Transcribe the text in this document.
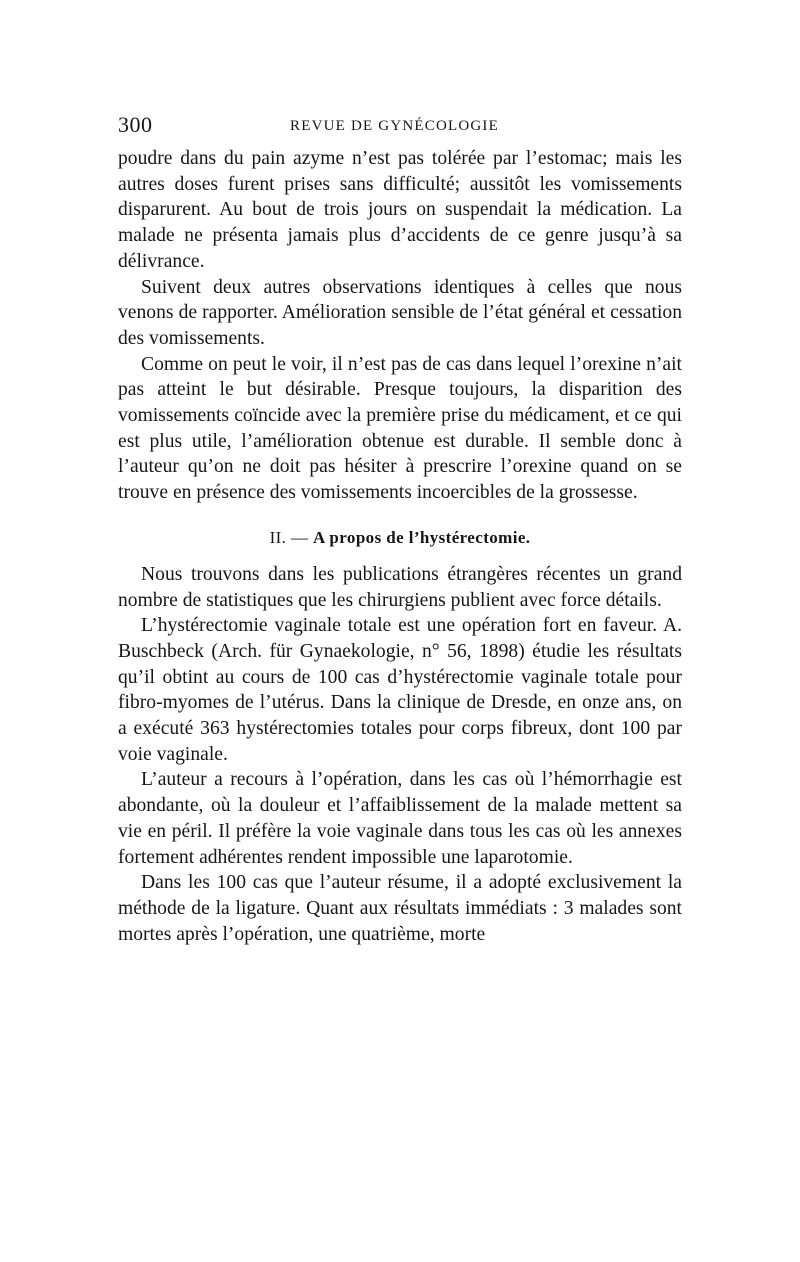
300	REVUE DE GYNÉCOLOGIE

poudre dans du pain azyme n’est pas tolérée par l’estomac; mais les autres doses furent prises sans difficulté; aussitôt les vomissements disparurent. Au bout de trois jours on suspendait la médication. La malade ne présenta jamais plus d’accidents de ce genre jusqu’à sa délivrance.

Suivent deux autres observations identiques à celles que nous venons de rapporter. Amélioration sensible de l’état général et cessation des vomissements.

Comme on peut le voir, il n’est pas de cas dans lequel l’orexine n’ait pas atteint le but désirable. Presque toujours, la disparition des vomissements coïncide avec la première prise du médicament, et ce qui est plus utile, l’amélioration obtenue est durable. Il semble donc à l’auteur qu’on ne doit pas hésiter à prescrire l’orexine quand on se trouve en présence des vomissements incoercibles de la grossesse.

II. — A propos de l’hystérectomie.

Nous trouvons dans les publications étrangères récentes un grand nombre de statistiques que les chirurgiens publient avec force détails.

L’hystérectomie vaginale totale est une opération fort en faveur. A. Buschbeck (Arch. für Gynaekologie, n° 56, 1898) étudie les résultats qu’il obtint au cours de 100 cas d’hystérectomie vaginale totale pour fibro-myomes de l’utérus. Dans la clinique de Dresde, en onze ans, on a exécuté 363 hystérectomies totales pour corps fibreux, dont 100 par voie vaginale.

L’auteur a recours à l’opération, dans les cas où l’hémorrhagie est abondante, où la douleur et l’affaiblissement de la malade mettent sa vie en péril. Il préfère la voie vaginale dans tous les cas où les annexes fortement adhérentes rendent impossible une laparotomie.

Dans les 100 cas que l’auteur résume, il a adopté exclusivement la méthode de la ligature. Quant aux résultats immédiats : 3 malades sont mortes après l’opération, une quatrième, morte
